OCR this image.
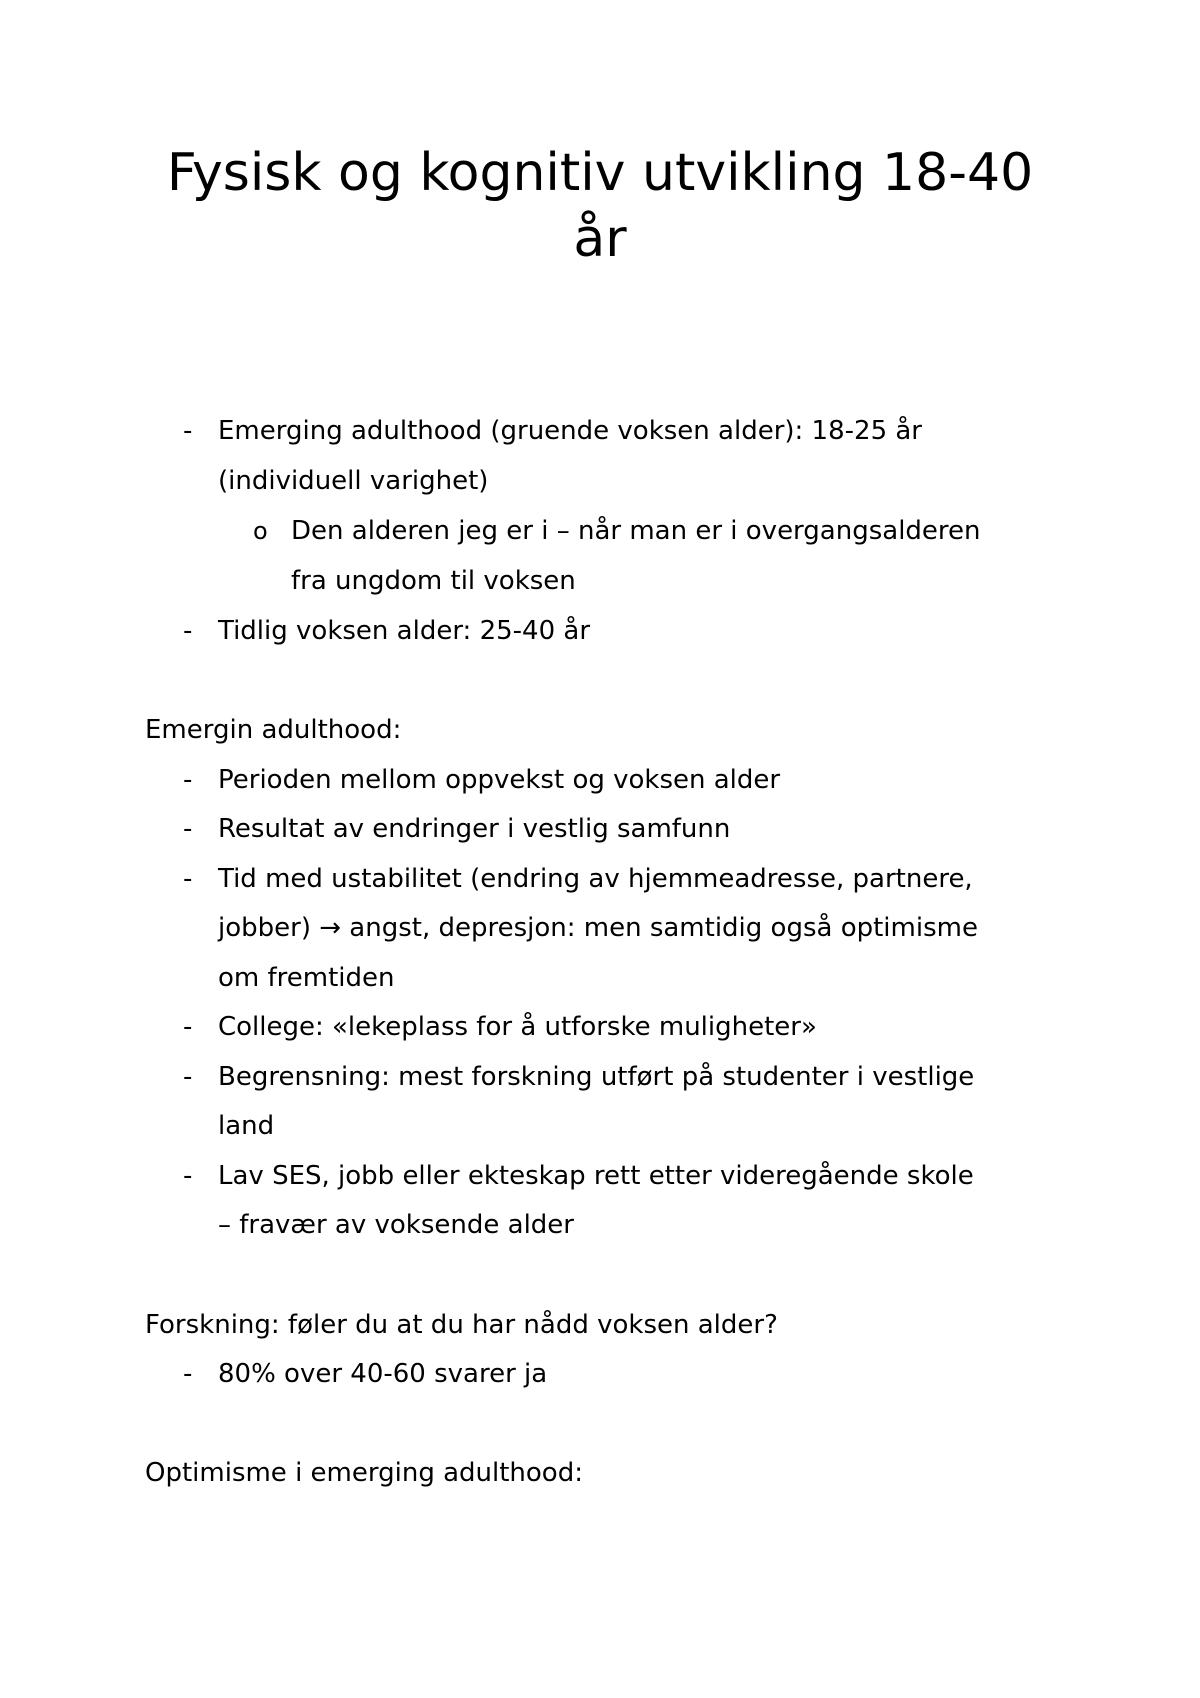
Fysisk og kognitiv utvikling 18-40
år
- Emerging adulthood (gruende voksen alder): 18-25 år
(individuell varighet)
o Den alderen jeg er i – når man er i overgangsalderen
fra ungdom til voksen
- Tidlig voksen alder: 25-40 år
Emergin adulthood:
- Perioden mellom oppvekst og voksen alder
- Resultat av endringer i vestlig samfunn
- Tid med ustabilitet (endring av hjemmeadresse, partnere,
jobber) → angst, depresjon: men samtidig også optimisme
om fremtiden
- College: «lekeplass for å utforske muligheter»
- Begrensning: mest forskning utført på studenter i vestlige
land
- Lav SES, jobb eller ekteskap rett etter videregående skole
– fravær av voksende alder
Forskning: føler du at du har nådd voksen alder?
- 80% over 40-60 svarer ja
Optimisme i emerging adulthood:
